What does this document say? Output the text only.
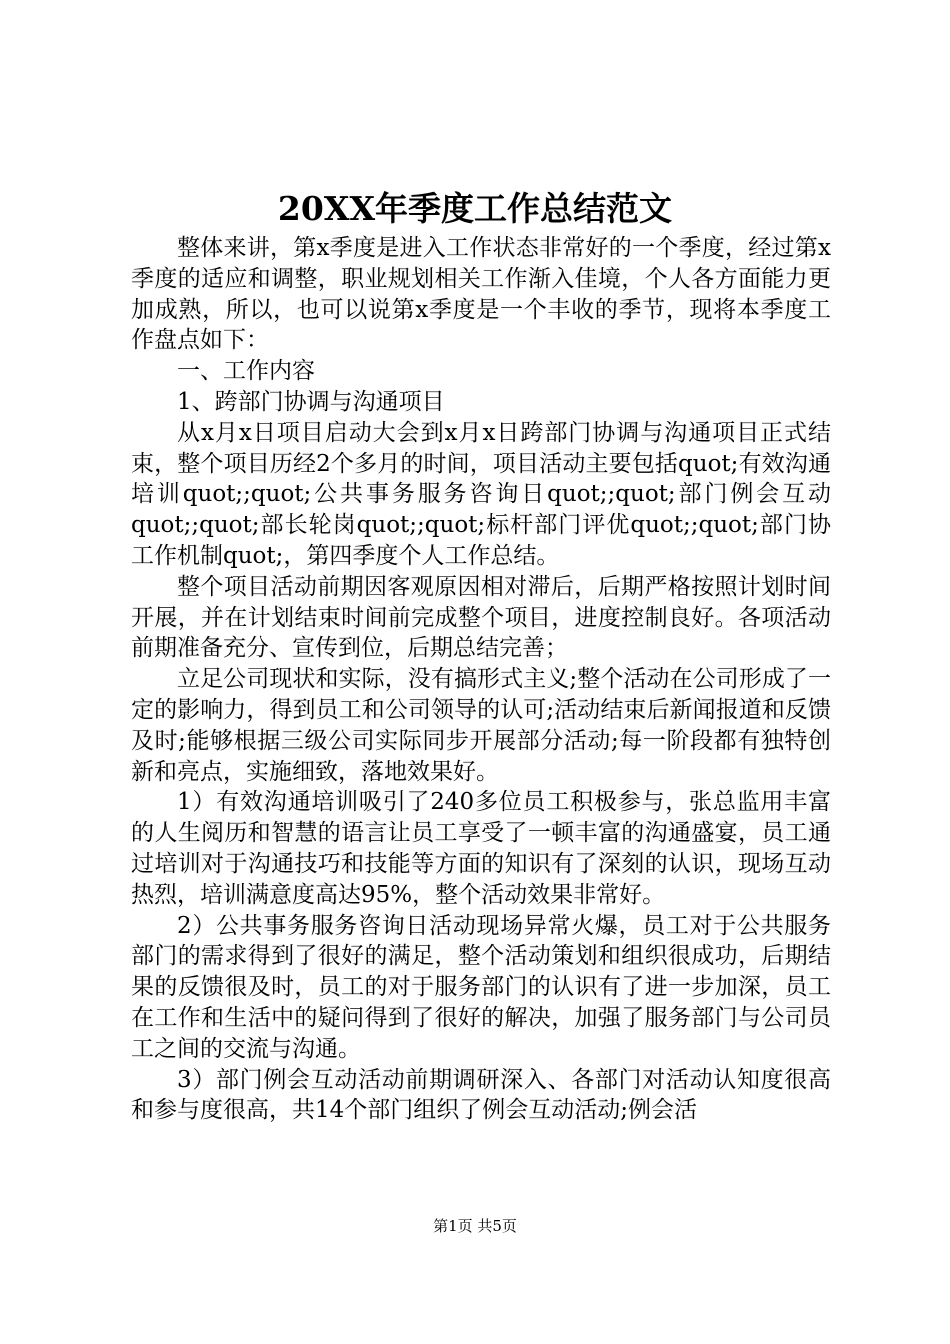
20XX年季度工作总结范文

整体来讲，第x季度是进入工作状态非常好的一个季度，经过第x季度的适应和调整，职业规划相关工作渐入佳境，个人各方面能力更加成熟，所以，也可以说第x季度是一个丰收的季节，现将本季度工作盘点如下：

一、工作内容

1、跨部门协调与沟通项目

从x月x日项目启动大会到x月x日跨部门协调与沟通项目正式结束，整个项目历经2个多月的时间，项目活动主要包括quot;有效沟通培训quot;;quot;公共事务服务咨询日quot;;quot;部门例会互动quot;;quot;部长轮岗quot;;quot;标杆部门评优quot;;quot;部门协工作机制quot;，第四季度个人工作总结。

整个项目活动前期因客观原因相对滞后，后期严格按照计划时间开展，并在计划结束时间前完成整个项目，进度控制良好。各项活动前期准备充分、宣传到位，后期总结完善；

立足公司现状和实际，没有搞形式主义;整个活动在公司形成了一定的影响力，得到员工和公司领导的认可;活动结束后新闻报道和反馈及时;能够根据三级公司实际同步开展部分活动;每一阶段都有独特创新和亮点，实施细致，落地效果好。

1）有效沟通培训吸引了240多位员工积极参与，张总监用丰富的人生阅历和智慧的语言让员工享受了一顿丰富的沟通盛宴，员工通过培训对于沟通技巧和技能等方面的知识有了深刻的认识，现场互动热烈，培训满意度高达95%，整个活动效果非常好。

2）公共事务服务咨询日活动现场异常火爆，员工对于公共服务部门的需求得到了很好的满足，整个活动策划和组织很成功，后期结果的反馈很及时，员工的对于服务部门的认识有了进一步加深，员工在工作和生活中的疑问得到了很好的解决，加强了服务部门与公司员工之间的交流与沟通。

3）部门例会互动活动前期调研深入、各部门对活动认知度很高和参与度很高，共14个部门组织了例会互动活动;例会活

第1页 共5页
